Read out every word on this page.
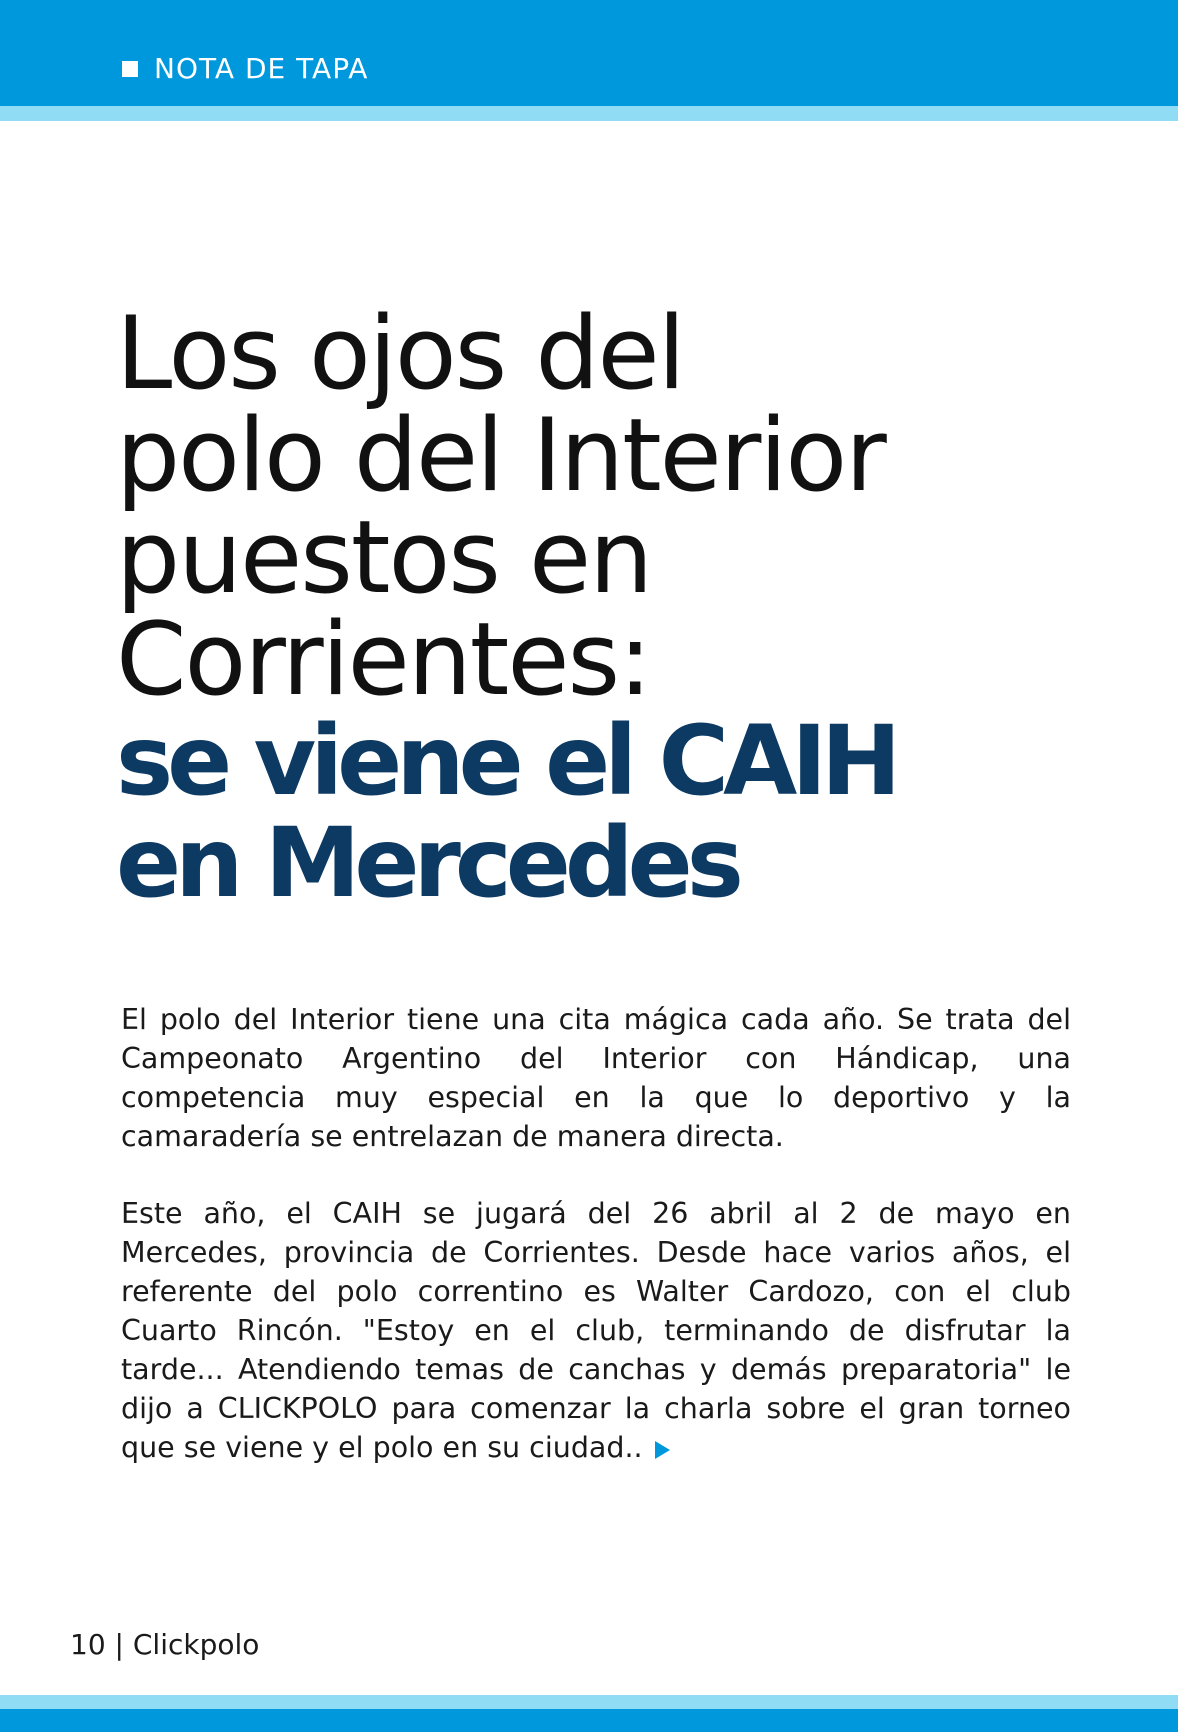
NOTA DE TAPA

Los ojos del

polo del Interior

puestos en

Corrientes:

se viene el CAIH

en Mercedes

El polo del Interior tiene una cita mágica cada año. Se trata del Campeonato Argentino del Interior con Hándicap, una competencia muy especial en la que lo deportivo y la camaradería se entrelazan de manera directa.

Este año, el CAIH se jugará del 26 abril al 2 de mayo en Mercedes, provincia de Corrientes. Desde hace varios años, el referente del polo correntino es Walter Cardozo, con el club Cuarto Rincón. "Estoy en el club, terminando de disfrutar la tarde... Atendiendo temas de canchas y demás preparatoria" le dijo a CLICKPOLO para comenzar la charla sobre el gran torneo que se viene y el polo en su ciudad..

10 | Clickpolo
